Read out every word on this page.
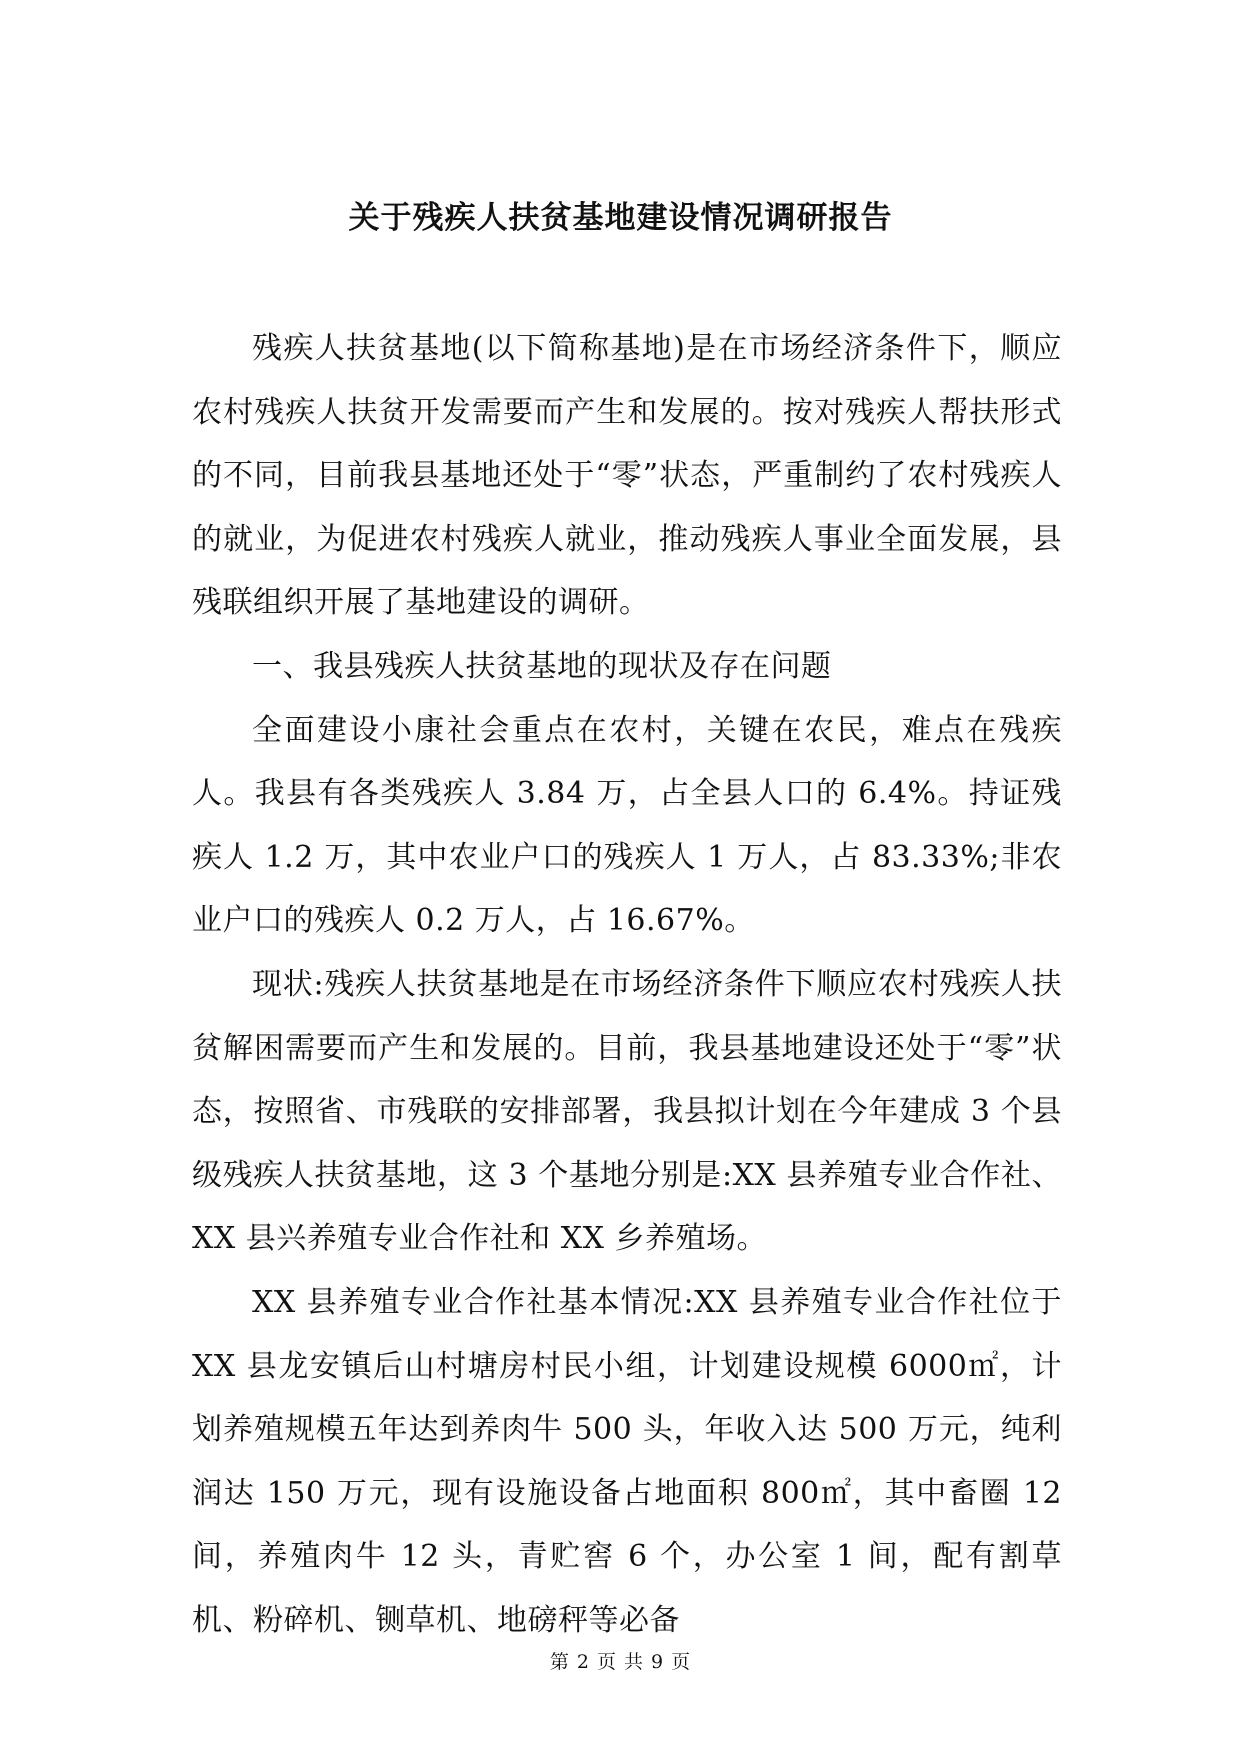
关于残疾人扶贫基地建设情况调研报告

残疾人扶贫基地(以下简称基地)是在市场经济条件下，顺应农村残疾人扶贫开发需要而产生和发展的。按对残疾人帮扶形式的不同，目前我县基地还处于“零”状态，严重制约了农村残疾人的就业，为促进农村残疾人就业，推动残疾人事业全面发展，县残联组织开展了基地建设的调研。

一、我县残疾人扶贫基地的现状及存在问题

全面建设小康社会重点在农村，关键在农民，难点在残疾人。我县有各类残疾人 3.84 万，占全县人口的 6.4%。持证残疾人 1.2 万，其中农业户口的残疾人 1 万人，占 83.33%;非农业户口的残疾人 0.2 万人，占 16.67%。

现状:残疾人扶贫基地是在市场经济条件下顺应农村残疾人扶贫解困需要而产生和发展的。目前，我县基地建设还处于“零”状态，按照省、市残联的安排部署，我县拟计划在今年建成 3 个县级残疾人扶贫基地，这 3 个基地分别是:XX 县养殖专业合作社、XX 县兴养殖专业合作社和 XX 乡养殖场。

XX 县养殖专业合作社基本情况:XX 县养殖专业合作社位于 XX 县龙安镇后山村塘房村民小组，计划建设规模 6000㎡，计划养殖规模五年达到养肉牛 500 头，年收入达 500 万元，纯利润达 150 万元，现有设施设备占地面积 800㎡，其中畜圈 12 间，养殖肉牛 12 头，青贮窖 6 个，办公室 1 间，配有割草机、粉碎机、铡草机、地磅秤等必备

第 2 页 共 9 页
